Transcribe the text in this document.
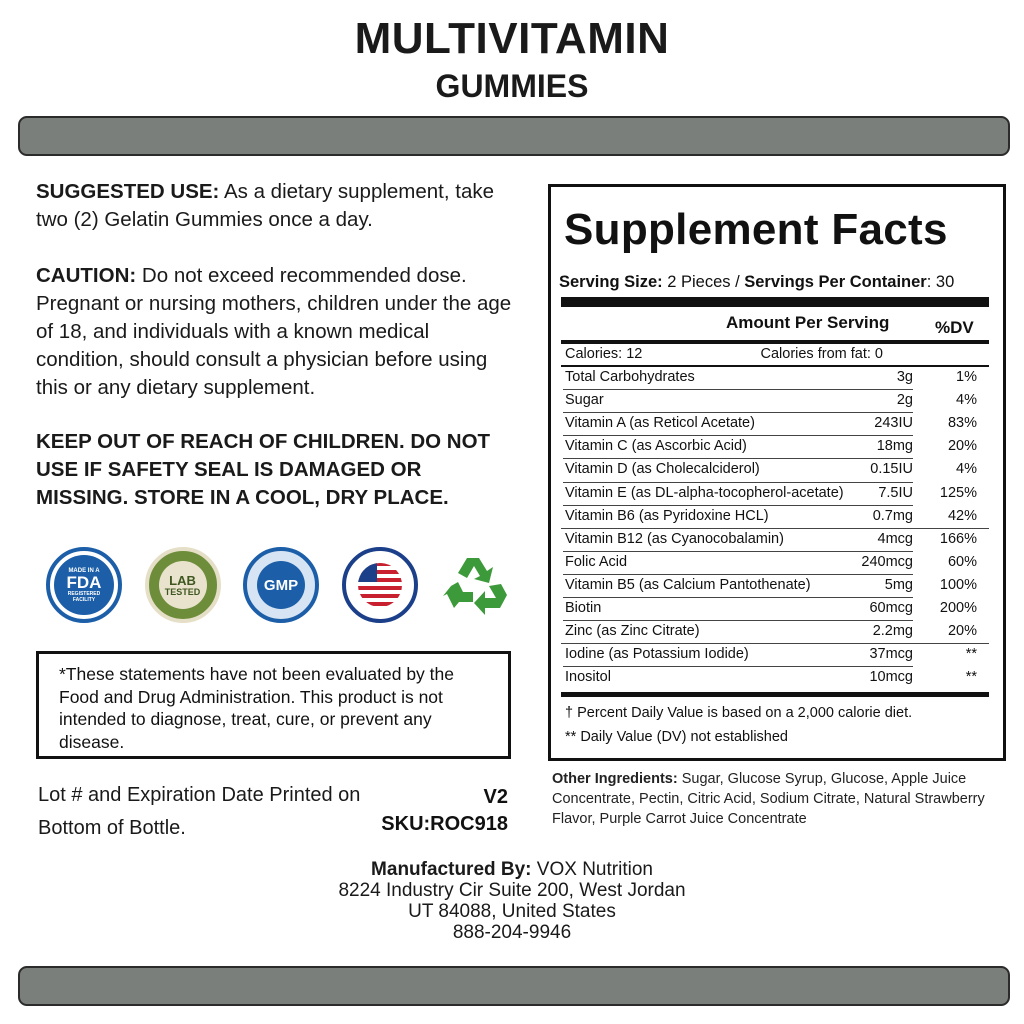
MULTIVITAMIN
GUMMIES
SUGGESTED USE: As a dietary supplement, take two (2) Gelatin Gummies once a day.
CAUTION: Do not exceed recommended dose. Pregnant or nursing mothers, children under the age of 18, and individuals with a known medical condition, should consult a physician before using this or any dietary supplement.
KEEP OUT OF REACH OF CHILDREN. DO NOT USE IF SAFETY SEAL IS DAMAGED OR MISSING. STORE IN A COOL, DRY PLACE.
MADE IN A
FDA
REGISTERED FACILITY
LAB
TESTED	GMP
*These statements have not been evaluated by the Food and Drug Administration. This product is not intended to diagnose, treat, cure, or prevent any disease.
Lot # and Expiration Date Printed on
Bottom of Bottle.
V2
SKU:ROC918
Supplement Facts
Serving Size: 2 Pieces / Servings Per Container: 30
Amount Per Serving	%DV
Calories: 12	Calories from fat: 0
Total Carbohydrates	3g	1%
Sugar	2g	4%
Vitamin A (as Reticol Acetate)	243IU 83%
Vitamin C (as Ascorbic Acid)	18mg 20%
Vitamin D (as Cholecalciderol)	0.15IU	4%
Vitamin E (as DL-alpha-tocopherol-acetate) 7.5IU 125%
Vitamin B6 (as Pyridoxine HCL)	0.7mg 42%
Vitamin B12 (as Cyanocobalamin)	4mcg 166%
Folic Acid	240mcg 60%
Vitamin B5 (as Calcium Pantothenate)	5mg 100%
Biotin	60mcg 200%
Zinc (as Zinc Citrate)	2.2mg 20%
Iodine (as Potassium Iodide)	37mcg	**
Inositol	10mcg	**
† Percent Daily Value is based on a 2,000 calorie diet.
** Daily Value (DV) not established
Other Ingredients: Sugar, Glucose Syrup, Glucose, Apple Juice Concentrate, Pectin, Citric Acid, Sodium Citrate, Natural Strawberry Flavor, Purple Carrot Juice Concentrate
Manufactured By: VOX Nutrition
8224 Industry Cir Suite 200, West Jordan
UT 84088, United States
888-204-9946
